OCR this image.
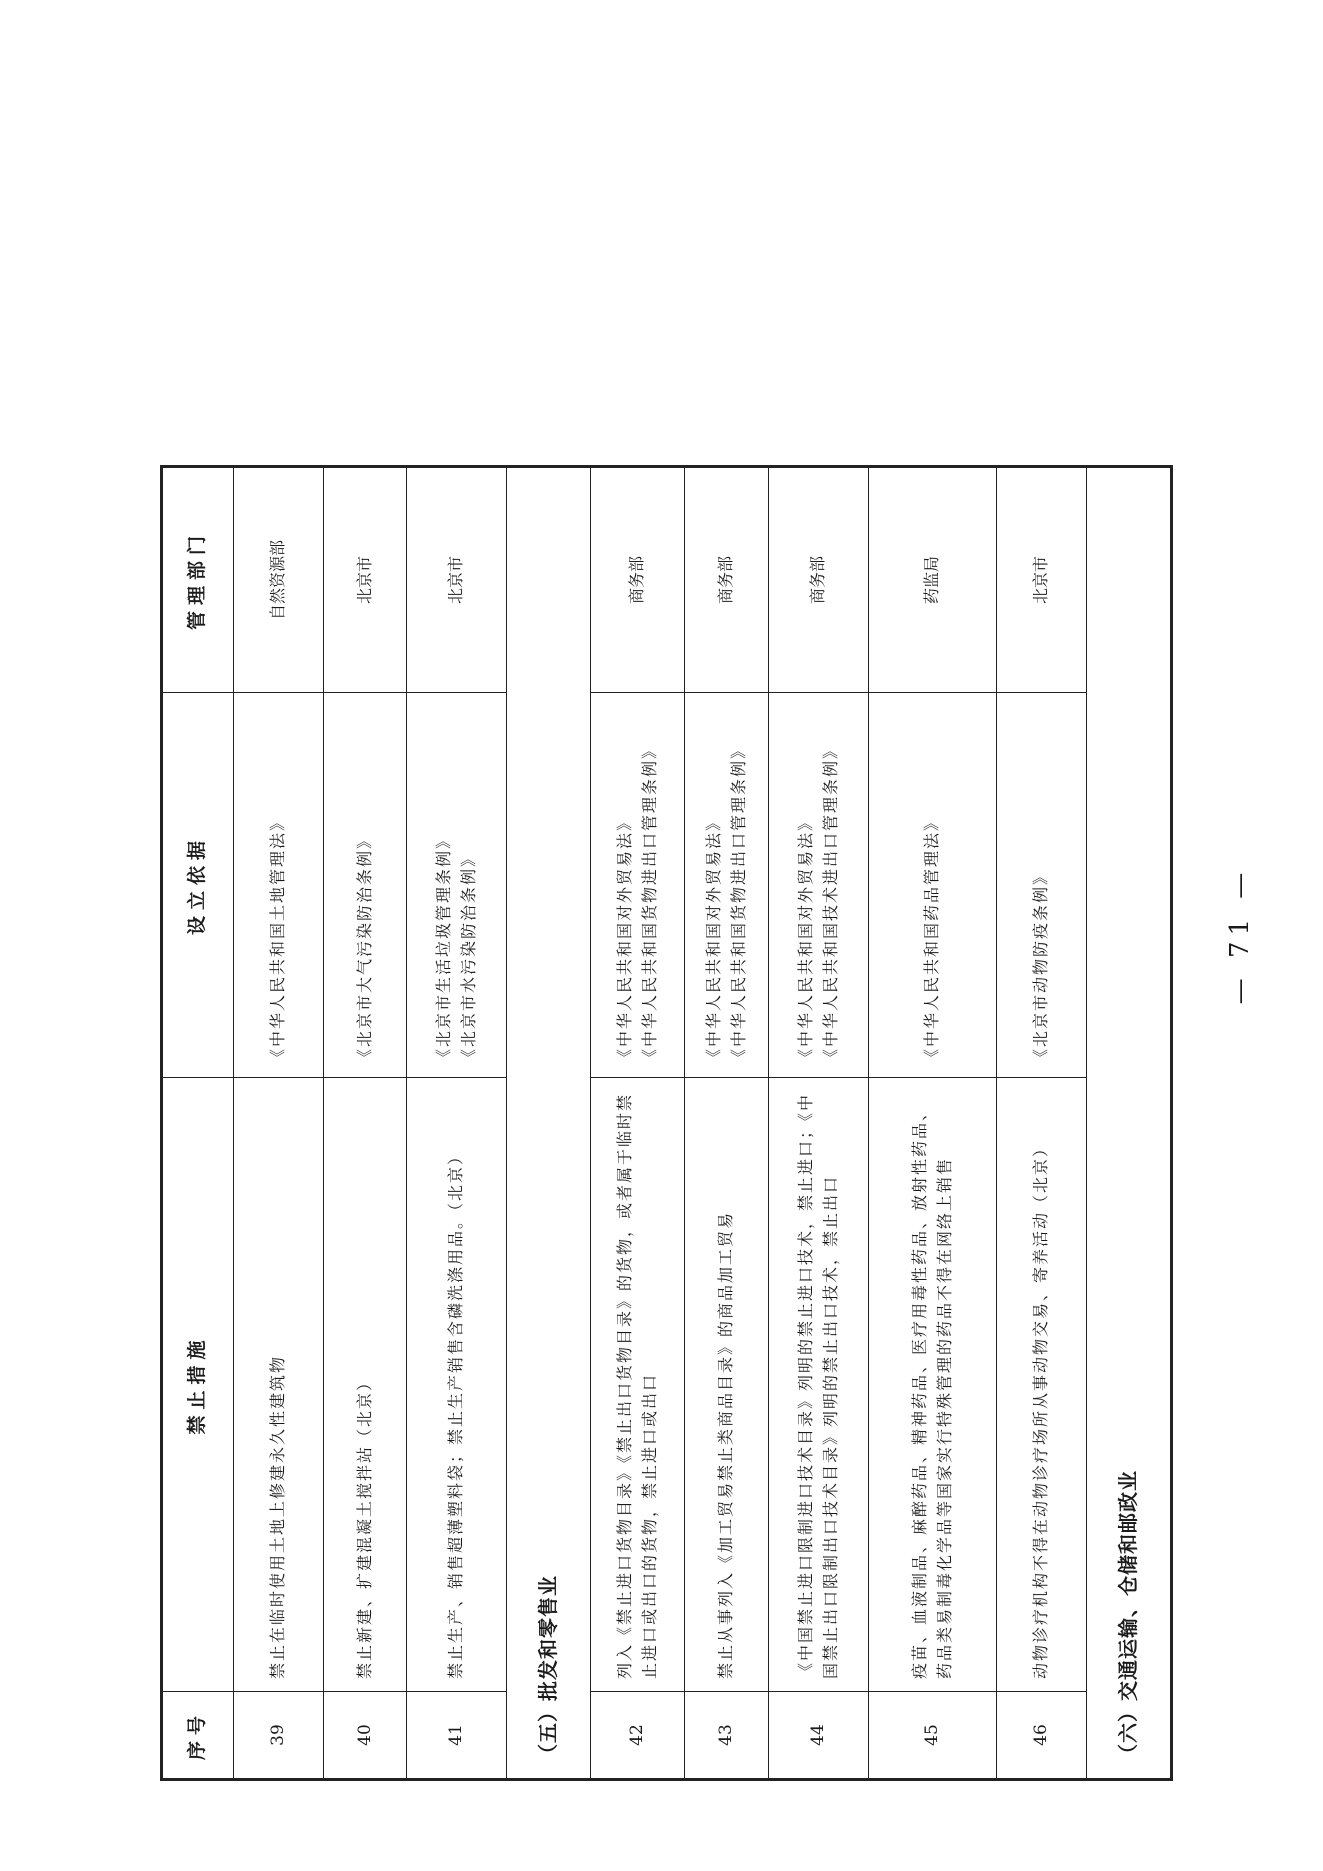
序号	禁止措施	设立依据	管理部门
39	禁止在临时使用土地上修建永久性建筑物	《中华人民共和国土地管理法》	自然资源部
40	禁止新建、扩建混凝土搅拌站（北京）	《北京市大气污染防治条例》	北京市
41	禁止生产、销售超薄塑料袋；禁止生产销售含磷洗涤用品。（北京）	《北京市生活垃圾管理条例》 《北京市水污染防治条例》	北京市
（五）批发和零售业			
42	列入《禁止进口货物目录》《禁止出口货物目录》的货物，或者属于临时禁止进口或出口的货物，禁止进口或出口	《中华人民共和国对外贸易法》 《中华人民共和国货物进出口管理条例》	商务部
43	禁止从事列入《加工贸易禁止类商品目录》的商品加工贸易	《中华人民共和国对外贸易法》 《中华人民共和国货物进出口管理条例》	商务部
44	《中国禁止进口限制进口技术目录》列明的禁止进口技术，禁止进口；《中国禁止出口限制出口技术目录》列明的禁止出口技术，禁止出口	《中华人民共和国对外贸易法》 《中华人民共和国技术进出口管理条例》	商务部
45	疫苗、血液制品、麻醉药品、精神药品、医疗用毒性药品、放射性药品、药品类易制毒化学品等国家实行特殊管理的药品不得在网络上销售	《中华人民共和国药品管理法》	药监局
46	动物诊疗机构不得在动物诊疗场所从事动物交易、寄养活动（北京）	《北京市动物防疫条例》	北京市
（六）交通运输、仓储和邮政业			
— 71 —
